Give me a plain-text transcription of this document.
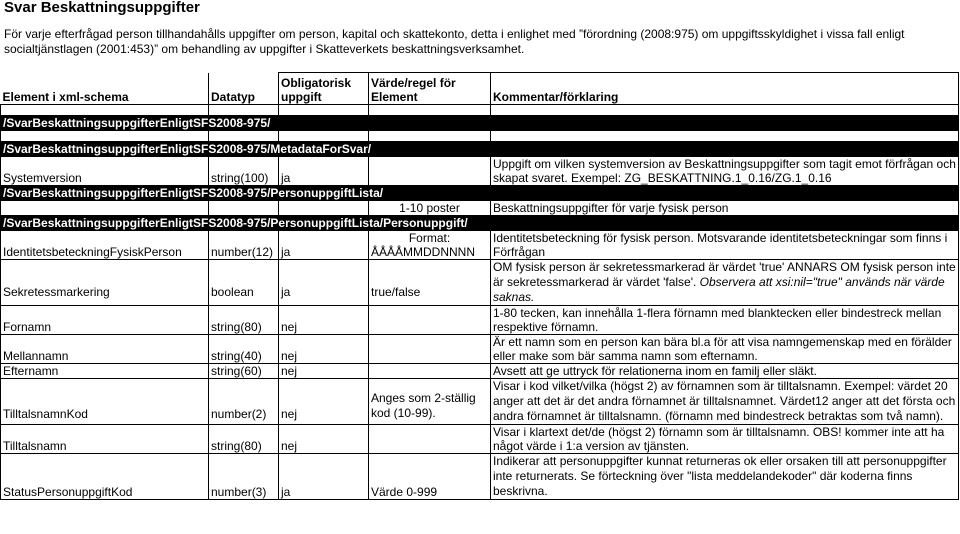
Svar Beskattningsuppgifter
För varje efterfrågad person tillhandahålls uppgifter om person, kapital och skattekonto, detta i enlighet med ”förordning (2008:975) om uppgiftsskyldighet i vissa fall enligt socialtjänstlagen (2001:453)” om behandling av uppgifter i Skatteverkets beskattningsverksamhet.
Element i xml-schema	Datatyp	Obligatorisk uppgift	Värde/regel för Element	Kommentar/förklaring

/SvarBeskattningsuppgifterEnligtSFS2008-975/				

/SvarBeskattningsuppgifterEnligtSFS2008-975/MetadataForSvar/				
Systemversion	string(100)	ja		Uppgift om vilken systemversion av Beskattningsuppgifter som tagit emot förfrågan och skapat svaret. Exempel: ZG_BESKATTNING.1_0.16/ZG.1_0.16
/SvarBeskattningsuppgifterEnligtSFS2008-975/PersonuppgiftLista/				
			1-10 poster	Beskattningsuppgifter för varje fysisk person
/SvarBeskattningsuppgifterEnligtSFS2008-975/PersonuppgiftLista/Personuppgift/				
IdentitetsbeteckningFysiskPerson	number(12)	ja	Format:
ÅÅÅÅMMDDNNNN	Identitetsbeteckning för fysisk person. Motsvarande identitetsbeteckningar som finns i Förfrågan
Sekretessmarkering	boolean	ja	true/false	OM fysisk person är sekretessmarkerad är värdet 'true' ANNARS OM fysisk person inte är sekretessmarkerad är värdet 'false'. Observera att xsi:nil="true" används när värde saknas.
Fornamn	string(80)	nej		1-80 tecken, kan innehålla 1-flera förnamn med blanktecken eller bindestreck mellan respektive förnamn.
Mellannamn	string(40)	nej		Är ett namn som en person kan bära bl.a för att visa namngemenskap med en förälder eller make som bär samma namn som efternamn.
Efternamn	string(60)	nej		Avsett att ge uttryck för relationerna inom en familj eller släkt.
TilltalsnamnKod	number(2)	nej	Anges som 2-ställig kod (10-99).	Visar i kod vilket/vilka (högst 2) av förnamnen som är tilltalsnamn. Exempel: värdet 20 anger att det är det andra förnamnet är tilltalsnamnet. Värdet12 anger att det första och andra förnamnet är tilltalsnamn. (förnamn med bindestreck betraktas som två namn).
Tilltalsnamn	string(80)	nej		Visar i klartext det/de (högst 2) förnamn som är tilltalsnamn. OBS! kommer inte att ha något värde i 1:a version av tjänsten.
StatusPersonuppgiftKod	number(3)	ja	Värde 0-999	Indikerar att personuppgifter kunnat returneras ok eller orsaken till att personuppgifter inte returnerats. Se förteckning över "lista meddelandekoder" där koderna finns beskrivna.
